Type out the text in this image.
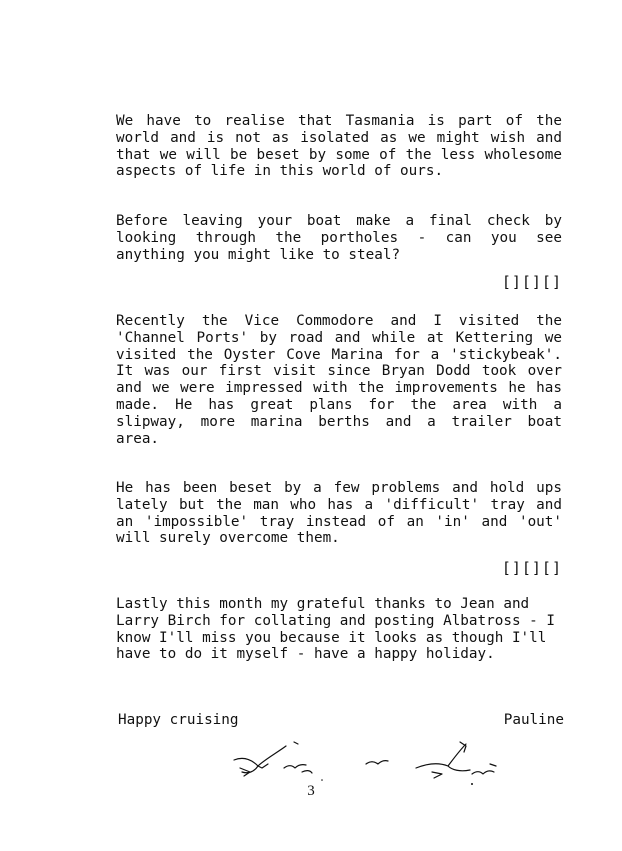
We have to realise that Tasmania is part of the world and is not as isolated as we might wish and that we will be beset by some of the less wholesome aspects of life in this world of ours.

Before leaving your boat make a final check by looking through the portholes - can you see anything you might like to steal?

[][][]

Recently the Vice Commodore and I visited the 'Channel Ports' by road and while at Kettering we visited the Oyster Cove Marina for a 'stickybeak'. It was our first visit since Bryan Dodd took over and we were impressed with the improvements he has made. He has great plans for the area with a slipway, more marina berths and a trailer boat area.

He has been beset by a few problems and hold ups lately but the man who has a 'difficult' tray and an 'impossible' tray instead of an 'in' and 'out' will surely overcome them.

[][][]

Lastly this month my grateful thanks to Jean and Larry Birch for collating and posting Albatross - I know I'll miss you because it looks as though I'll have to do it myself - have a happy holiday.

Happy cruising	Pauline
3
